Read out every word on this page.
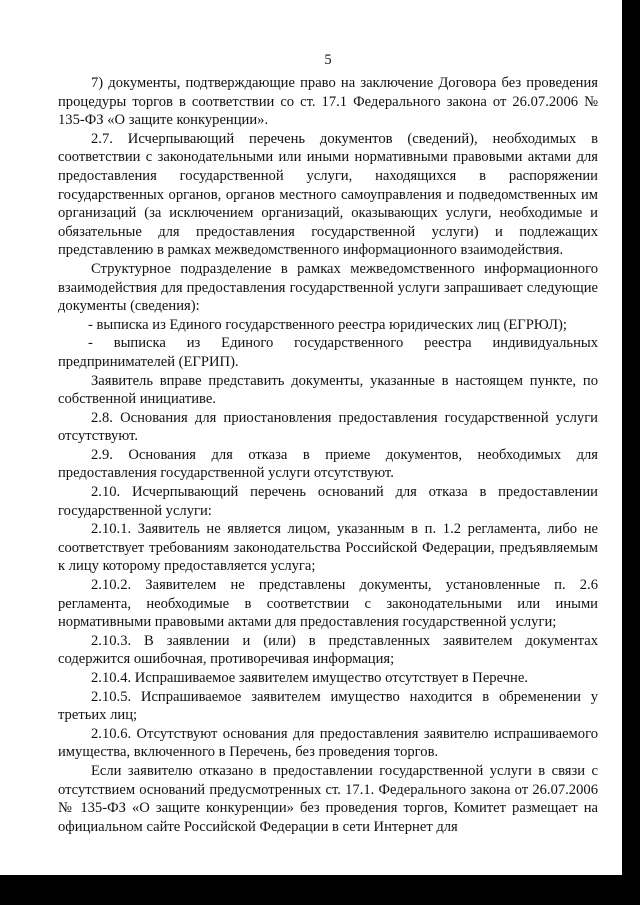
5

7) документы, подтверждающие право на заключение Договора без проведения процедуры торгов в соответствии со ст. 17.1 Федерального закона от 26.07.2006 № 135-ФЗ «О защите конкуренции».

2.7. Исчерпывающий перечень документов (сведений), необходимых в соответствии с законодательными или иными нормативными правовыми актами для предоставления государственной услуги, находящихся в распоряжении государственных органов, органов местного самоуправления и подведомственных им организаций (за исключением организаций, оказывающих услуги, необходимые и обязательные для предоставления государственной услуги) и подлежащих представлению в рамках межведомственного информационного взаимодействия.

Структурное подразделение в рамках межведомственного информационного взаимодействия для предоставления государственной услуги запрашивает следующие документы (сведения):

- выписка из Единого государственного реестра юридических лиц (ЕГРЮЛ);

- выписка из Единого государственного реестра индивидуальных предпринимателей (ЕГРИП).

Заявитель вправе представить документы, указанные в настоящем пункте, по собственной инициативе.

2.8. Основания для приостановления предоставления государственной услуги отсутствуют.

2.9. Основания для отказа в приеме документов, необходимых для предоставления государственной услуги отсутствуют.

2.10. Исчерпывающий перечень оснований для отказа в предоставлении государственной услуги:

2.10.1. Заявитель не является лицом, указанным в п. 1.2 регламента, либо не соответствует требованиям законодательства Российской Федерации, предъявляемым к лицу которому предоставляется услуга;

2.10.2. Заявителем не представлены документы, установленные п. 2.6 регламента, необходимые в соответствии с законодательными или иными нормативными правовыми актами для предоставления государственной услуги;

2.10.3. В заявлении и (или) в представленных заявителем документах содержится ошибочная, противоречивая информация;

2.10.4. Испрашиваемое заявителем имущество отсутствует в Перечне.

2.10.5. Испрашиваемое заявителем имущество находится в обременении у третьих лиц;

2.10.6. Отсутствуют основания для предоставления заявителю испрашиваемого имущества, включенного в Перечень, без проведения торгов.

Если заявителю отказано в предоставлении государственной услуги в связи с отсутствием оснований предусмотренных ст. 17.1. Федерального закона от 26.07.2006 № 135-ФЗ «О защите конкуренции» без проведения торгов, Комитет размещает на официальном сайте Российской Федерации в сети Интернет для
